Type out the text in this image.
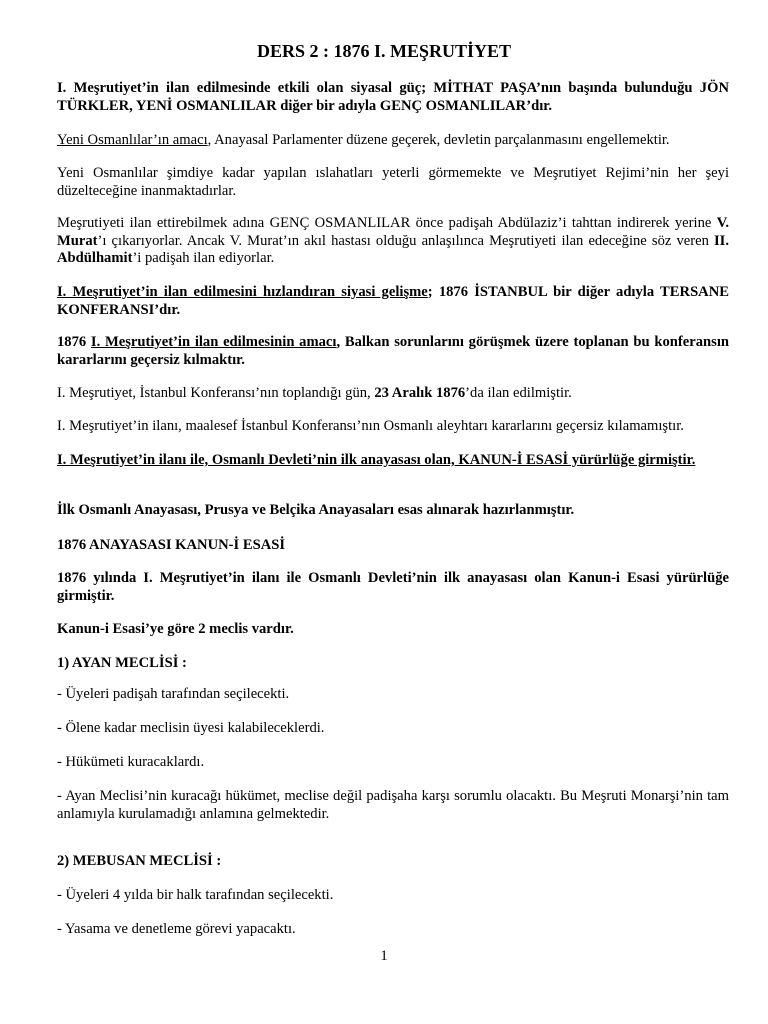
DERS 2 : 1876 I. MEŞRUTİYET

I. Meşrutiyet’in ilan edilmesinde etkili olan siyasal güç; MİTHAT PAŞA’nın başında bulunduğu JÖN TÜRKLER, YENİ OSMANLILAR diğer bir adıyla GENÇ OSMANLILAR’dır.

Yeni Osmanlılar’ın amacı, Anayasal Parlamenter düzene geçerek, devletin parçalanmasını engellemektir.

Yeni Osmanlılar şimdiye kadar yapılan ıslahatları yeterli görmemekte ve Meşrutiyet Rejimi’nin her şeyi düzelteceğine inanmaktadırlar.

Meşrutiyeti ilan ettirebilmek adına GENÇ OSMANLILAR önce padişah Abdülaziz’i tahttan indirerek yerine V. Murat’ı çıkarıyorlar. Ancak V. Murat’ın akıl hastası olduğu anlaşılınca Meşrutiyeti ilan edeceğine söz veren II. Abdülhamit’i padişah ilan ediyorlar.

I. Meşrutiyet’in ilan edilmesini hızlandıran siyasi gelişme; 1876 İSTANBUL bir diğer adıyla TERSANE KONFERANSI’dır.

1876 I. Meşrutiyet’in ilan edilmesinin amacı, Balkan sorunlarını görüşmek üzere toplanan bu konferansın kararlarını geçersiz kılmaktır.

I. Meşrutiyet, İstanbul Konferansı’nın toplandığı gün, 23 Aralık 1876’da ilan edilmiştir.

I. Meşrutiyet’in ilanı, maalesef İstanbul Konferansı’nın Osmanlı aleyhtarı kararlarını geçersiz kılamamıştır.

I. Meşrutiyet’in ilanı ile, Osmanlı Devleti’nin ilk anayasası olan, KANUN-İ ESASİ yürürlüğe girmiştir.

İlk Osmanlı Anayasası, Prusya ve Belçika Anayasaları esas alınarak hazırlanmıştır.

1876 ANAYASASI KANUN-İ ESASİ

1876 yılında I. Meşrutiyet’in ilanı ile Osmanlı Devleti’nin ilk anayasası olan Kanun-i Esasi yürürlüğe girmiştir.

Kanun-i Esasi’ye göre 2 meclis vardır.

1) AYAN MECLİSİ :

- Üyeleri padişah tarafından seçilecekti.

- Ölene kadar meclisin üyesi kalabileceklerdi.

- Hükümeti kuracaklardı.

- Ayan Meclisi’nin kuracağı hükümet, meclise değil padişaha karşı sorumlu olacaktı. Bu Meşruti Monarşi’nin tam anlamıyla kurulamadığı anlamına gelmektedir.

2) MEBUSAN MECLİSİ :

- Üyeleri 4 yılda bir halk tarafından seçilecekti.

- Yasama ve denetleme görevi yapacaktı.

1
